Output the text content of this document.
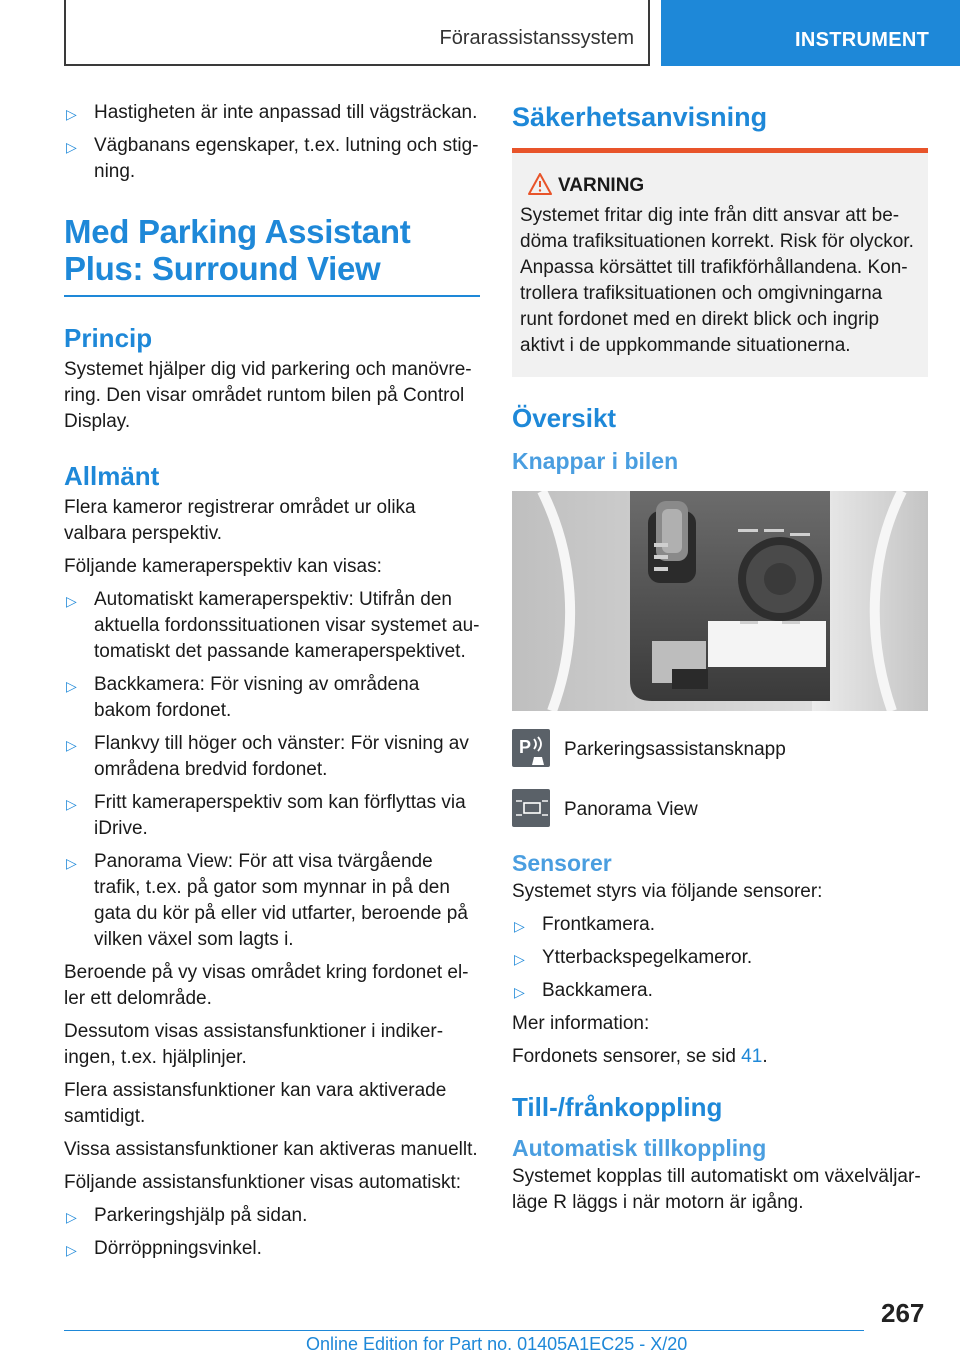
Förarassistanssystem	INSTRUMENT
▷ Hastigheten är inte anpassad till vägsträckan.
▷ Vägbanans egenskaper, t.ex. lutning och stig-ning.
Med Parking Assistant Plus: Surround View
Princip

Systemet hjälper dig vid parkering och manövre-ring. Den visar området runtom bilen på Control Display.

Allmänt

Flera kameror registrerar området ur olika valbara perspektiv.

Följande kameraperspektiv kan visas:

▷ Automatiskt kameraperspektiv: Utifrån den aktuella fordonssituationen visar systemet au-tomatiskt det passande kameraperspektivet.
▷ Backkamera: För visning av områdena bakom fordonet.
▷ Flankvy till höger och vänster: För visning av områdena bredvid fordonet.
▷ Fritt kameraperspektiv som kan förflyttas via iDrive.
▷ Panorama View: För att visa tvärgående trafik, t.ex. på gator som mynnar in på den gata du kör på eller vid utfarter, beroende på vilken växel som lagts i.

Beroende på vy visas området kring fordonet el-ler ett delområde.

Dessutom visas assistansfunktioner i indiker-ingen, t.ex. hjälplinjer.

Flera assistansfunktioner kan vara aktiverade samtidigt.

Vissa assistansfunktioner kan aktiveras manuellt.

Följande assistansfunktioner visas automatiskt:

▷ Parkeringshjälp på sidan.
▷ Dörröppningsvinkel.
Säkerhetsanvisning
VARNING
Systemet fritar dig inte från ditt ansvar att be-döma trafiksituationen korrekt. Risk för olyckor. Anpassa körsättet till trafikförhållandena. Kon-trollera trafiksituationen och omgivningarna runt fordonet med en direkt blick och ingrip aktivt i de uppkommande situationerna.
Översikt
Knappar i bilen
P Parkeringsassistansknapp
Panorama View
Sensorer

Systemet styrs via följande sensorer:

▷ Frontkamera.
▷ Ytterbackspegelkameror.
▷ Backkamera.

Mer information:

Fordonets sensorer, se sid 41.

Till-/frånkoppling
Automatisk tillkoppling

Systemet kopplas till automatiskt om växelväljar-läge R läggs i när motorn är igång.

267
Online Edition for Part no. 01405A1EC25 - X/20
